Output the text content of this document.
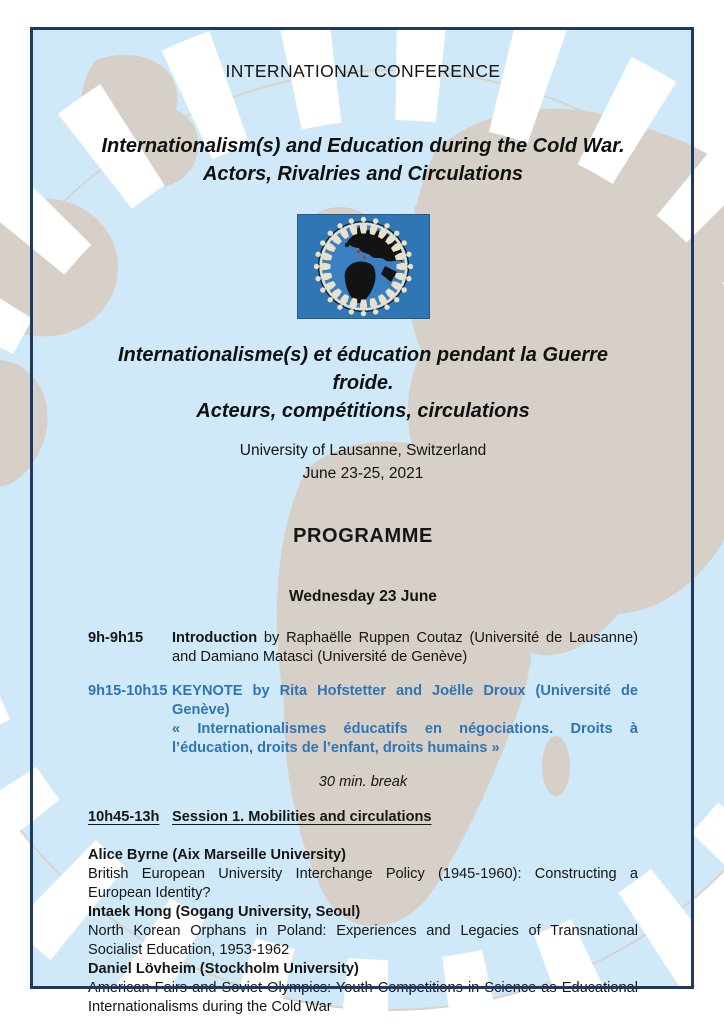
INTERNATIONAL CONFERENCE
Internationalism(s) and Education during the Cold War.
Actors, Rivalries and Circulations
Internationalisme(s) et éducation pendant la Guerre froide.
Acteurs, compétitions, circulations
University of Lausanne, Switzerland
June 23-25, 2021
PROGRAMME
Wednesday 23 June
9h-9h15	Introduction by Raphaëlle Ruppen Coutaz (Université de Lausanne) and Damiano Matasci (Université de Genève)
9h15-10h15 KEYNOTE by Rita Hofstetter and Joëlle Droux (Université de Genève)
« Internationalismes éducatifs en négociations. Droits à l’éducation, droits de l’enfant, droits humains »
30 min. break
10h45-13h Session 1. Mobilities and circulations
Alice Byrne (Aix Marseille University)
British European University Interchange Policy (1945-1960): Constructing a European Identity?
Intaek Hong (Sogang University, Seoul)
North Korean Orphans in Poland: Experiences and Legacies of Transnational Socialist Education, 1953-1962
Daniel Lövheim (Stockholm University)
American Fairs and Soviet Olympics: Youth Competitions in Science as Educational Internationalisms during the Cold War
